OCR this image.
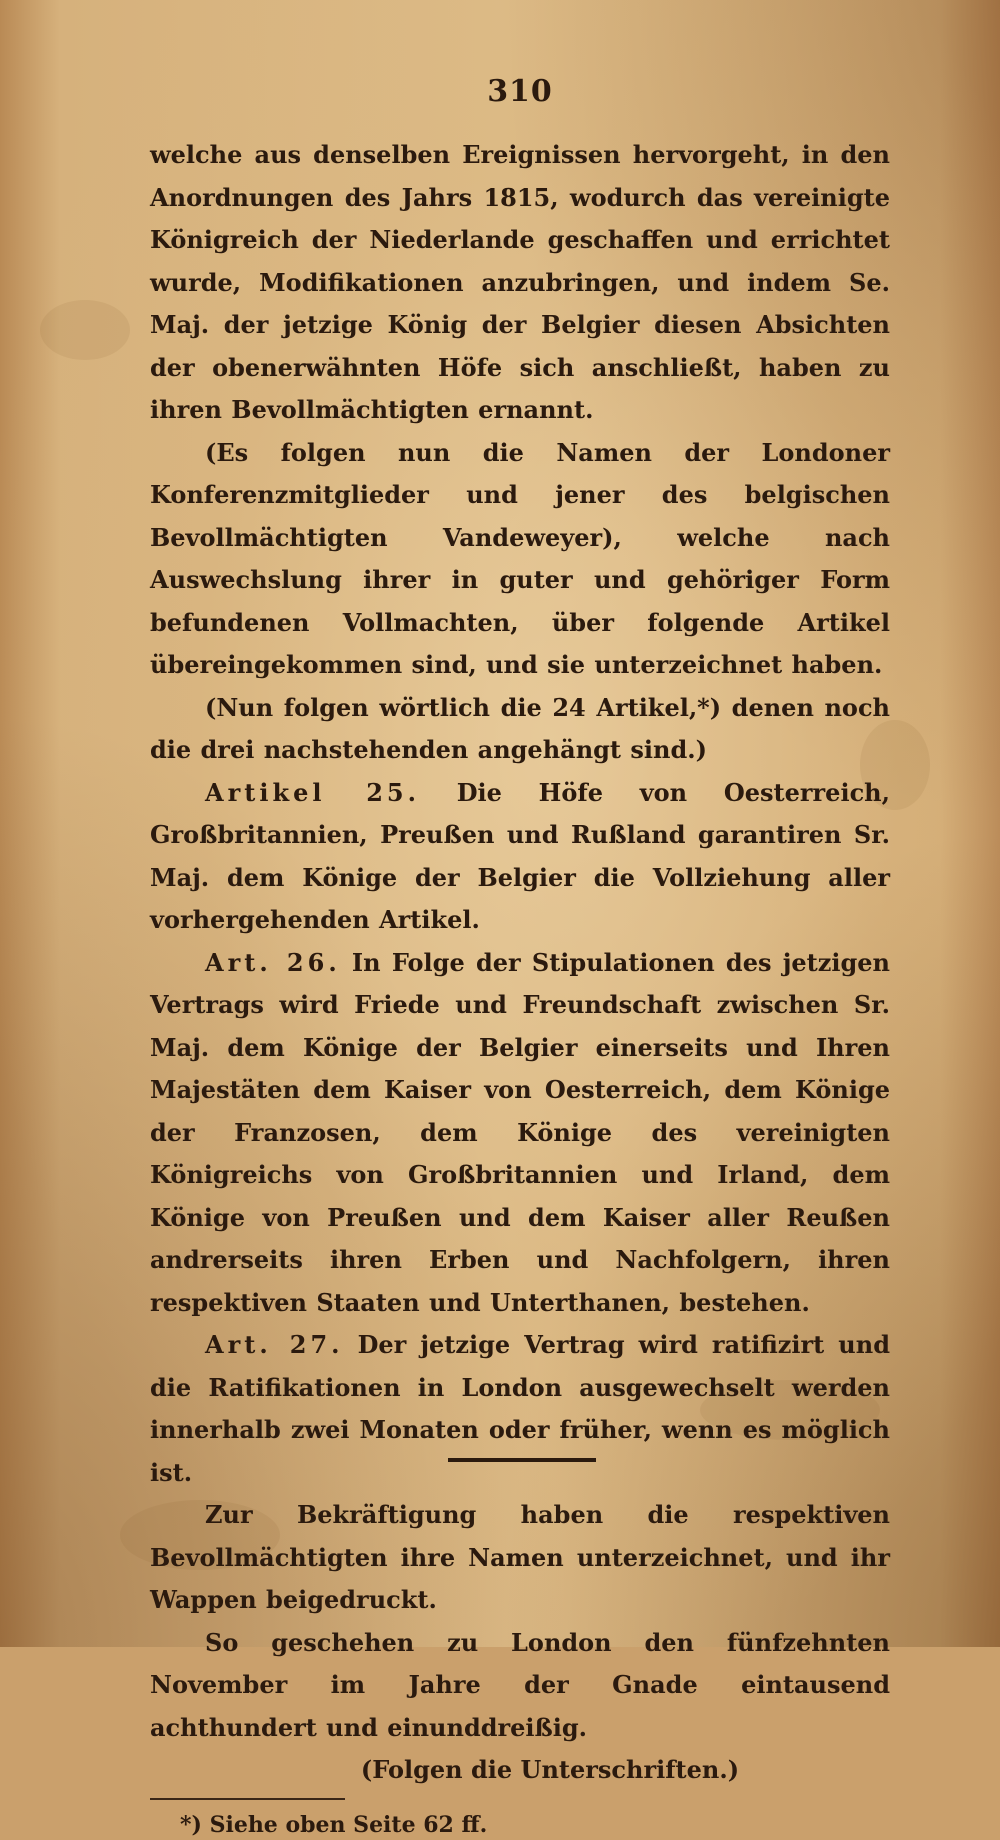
310

welche aus denselben Ereignissen hervorgeht, in den Anordnungen des Jahrs 1815, wodurch das vereinigte Königreich der Niederlande geschaffen und errichtet wurde, Modifikationen anzubringen, und indem Se. Maj. der jetzige König der Belgier diesen Absichten der obenerwähnten Höfe sich anschließt, haben zu ihren Bevollmächtigten ernannt.

(Es folgen nun die Namen der Londoner Konferenzmitglieder und jener des belgischen Bevollmächtigten Vandeweyer), welche nach Auswechslung ihrer in guter und gehöriger Form befundenen Vollmachten, über folgende Artikel übereingekommen sind, und sie unterzeichnet haben.

(Nun folgen wörtlich die 24 Artikel,*) denen noch die drei nachstehenden angehängt sind.)

Artikel 25. Die Höfe von Oesterreich, Großbritannien, Preußen und Rußland garantiren Sr. Maj. dem Könige der Belgier die Vollziehung aller vorhergehenden Artikel.

Art. 26. In Folge der Stipulationen des jetzigen Vertrags wird Friede und Freundschaft zwischen Sr. Maj. dem Könige der Belgier einerseits und Ihren Majestäten dem Kaiser von Oesterreich, dem Könige der Franzosen, dem Könige des vereinigten Königreichs von Großbritannien und Irland, dem Könige von Preußen und dem Kaiser aller Reußen andrerseits ihren Erben und Nachfolgern, ihren respektiven Staaten und Unterthanen, bestehen.

Art. 27. Der jetzige Vertrag wird ratifizirt und die Ratifikationen in London ausgewechselt werden innerhalb zwei Monaten oder früher, wenn es möglich ist.

Zur Bekräftigung haben die respektiven Bevollmächtigten ihre Namen unterzeichnet, und ihr Wappen beigedruckt.

So geschehen zu London den fünfzehnten November im Jahre der Gnade eintausend achthundert und einunddreißig.

(Folgen die Unterschriften.)

*) Siehe oben Seite 62 ff.
